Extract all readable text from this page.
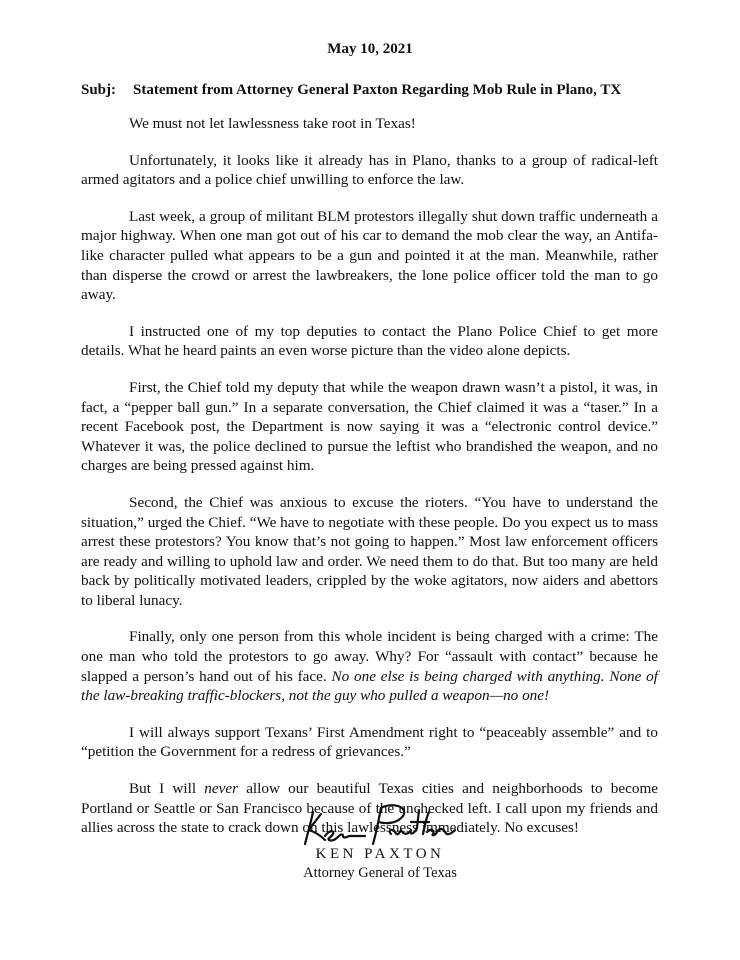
May 10, 2021
Subj: Statement from Attorney General Paxton Regarding Mob Rule in Plano, TX

We must not let lawlessness take root in Texas!

Unfortunately, it looks like it already has in Plano, thanks to a group of radical-left armed agitators and a police chief unwilling to enforce the law.

Last week, a group of militant BLM protestors illegally shut down traffic underneath a major highway. When one man got out of his car to demand the mob clear the way, an Antifa-like character pulled what appears to be a gun and pointed it at the man. Meanwhile, rather than disperse the crowd or arrest the lawbreakers, the lone police officer told the man to go away.

I instructed one of my top deputies to contact the Plano Police Chief to get more details. What he heard paints an even worse picture than the video alone depicts.

First, the Chief told my deputy that while the weapon drawn wasn’t a pistol, it was, in fact, a “pepper ball gun.” In a separate conversation, the Chief claimed it was a “taser.” In a recent Facebook post, the Department is now saying it was a “electronic control device.” Whatever it was, the police declined to pursue the leftist who brandished the weapon, and no charges are being pressed against him.

Second, the Chief was anxious to excuse the rioters. “You have to understand the situation,” urged the Chief. “We have to negotiate with these people. Do you expect us to mass arrest these protestors? You know that’s not going to happen.” Most law enforcement officers are ready and willing to uphold law and order. We need them to do that. But too many are held back by politically motivated leaders, crippled by the woke agitators, now aiders and abettors to liberal lunacy.

Finally, only one person from this whole incident is being charged with a crime: The one man who told the protestors to go away. Why? For “assault with contact” because he slapped a person’s hand out of his face. No one else is being charged with anything. None of the law-breaking traffic-blockers, not the guy who pulled a weapon—no one!

I will always support Texans’ First Amendment right to “peaceably assemble” and to “petition the Government for a redress of grievances.”

But I will never allow our beautiful Texas cities and neighborhoods to become Portland or Seattle or San Francisco because of the unchecked left. I call upon my friends and allies across the state to crack down on this lawlessness immediately. No excuses!

KEN PAXTON
Attorney General of Texas
